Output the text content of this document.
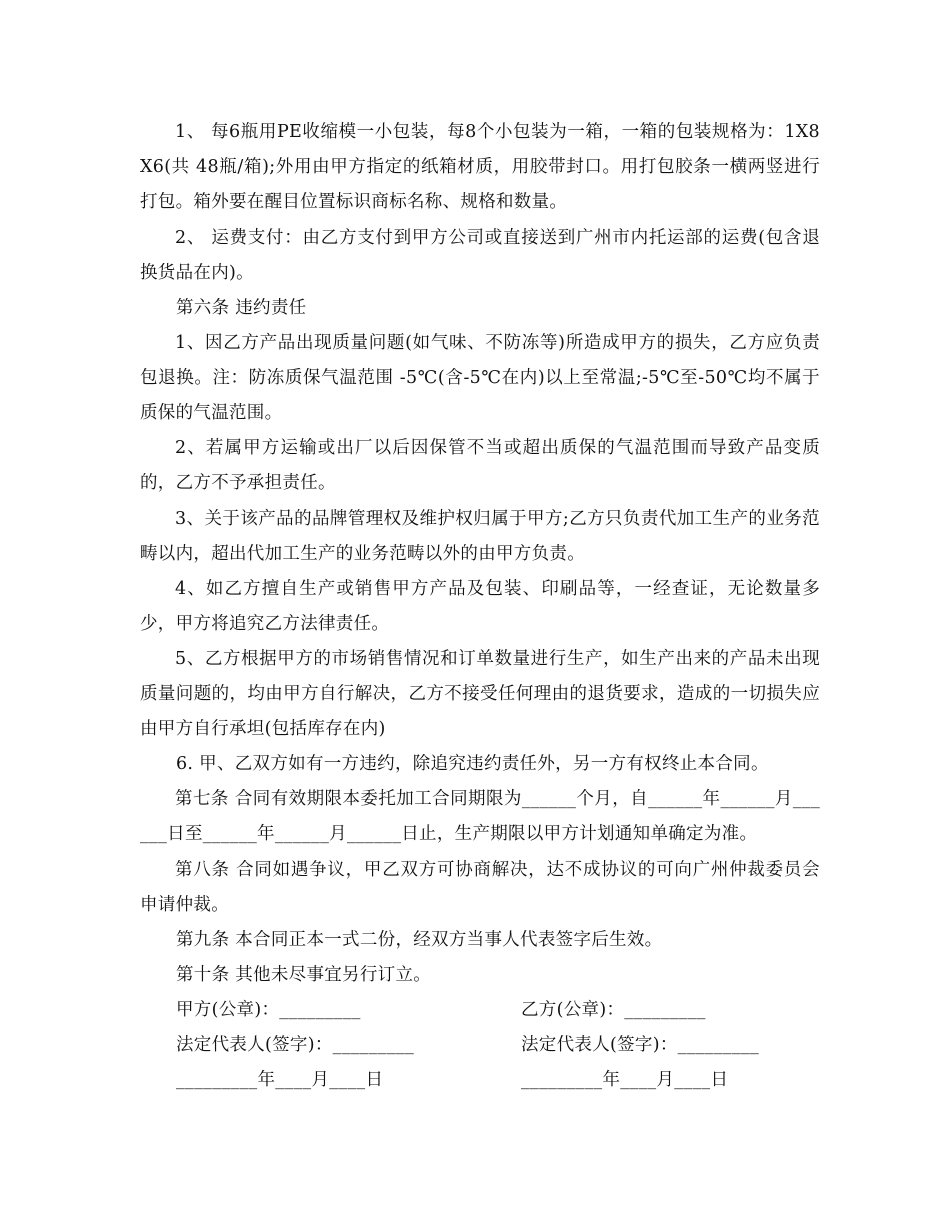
1、 每6瓶用PE收缩模一小包装，每8个小包装为一箱，一箱的包装规格为：1X8X6(共 48瓶/箱);外用由甲方指定的纸箱材质，用胶带封口。用打包胶条一横两竖进行打包。箱外要在醒目位置标识商标名称、规格和数量。

2、 运费支付：由乙方支付到甲方公司或直接送到广州市内托运部的运费(包含退换货品在内)。

第六条 违约责任

1、因乙方产品出现质量问题(如气味、不防冻等)所造成甲方的损失，乙方应负责包退换。注：防冻质保气温范围 -5℃(含-5℃在内)以上至常温;-5℃至-50℃均不属于质保的气温范围。

2、若属甲方运输或出厂以后因保管不当或超出质保的气温范围而导致产品变质的，乙方不予承担责任。

3、关于该产品的品牌管理权及维护权归属于甲方;乙方只负责代加工生产的业务范畴以内，超出代加工生产的业务范畴以外的由甲方负责。

4、如乙方擅自生产或销售甲方产品及包装、印刷品等，一经查证，无论数量多少，甲方将追究乙方法律责任。

5、乙方根据甲方的市场销售情况和订单数量进行生产，如生产出来的产品未出现质量问题的，均由甲方自行解决，乙方不接受任何理由的退货要求，造成的一切损失应由甲方自行承坦(包括库存在内)

6. 甲、乙双方如有一方违约，除追究违约责任外，另一方有权终止本合同。

第七条 合同有效期限本委托加工合同期限为______个月，自______年______月______日至______年______月______日止，生产期限以甲方计划通知单确定为准。

第八条 合同如遇争议，甲乙双方可协商解决，达不成协议的可向广州仲裁委员会申请仲裁。

第九条 本合同正本一式二份，经双方当事人代表签字后生效。

第十条 其他未尽事宜另行订立。

甲方(公章)：_________	乙方(公章)：_________

法定代表人(签字)：_________	法定代表人(签字)：_________

_________年____月____日	_________年____月____日
